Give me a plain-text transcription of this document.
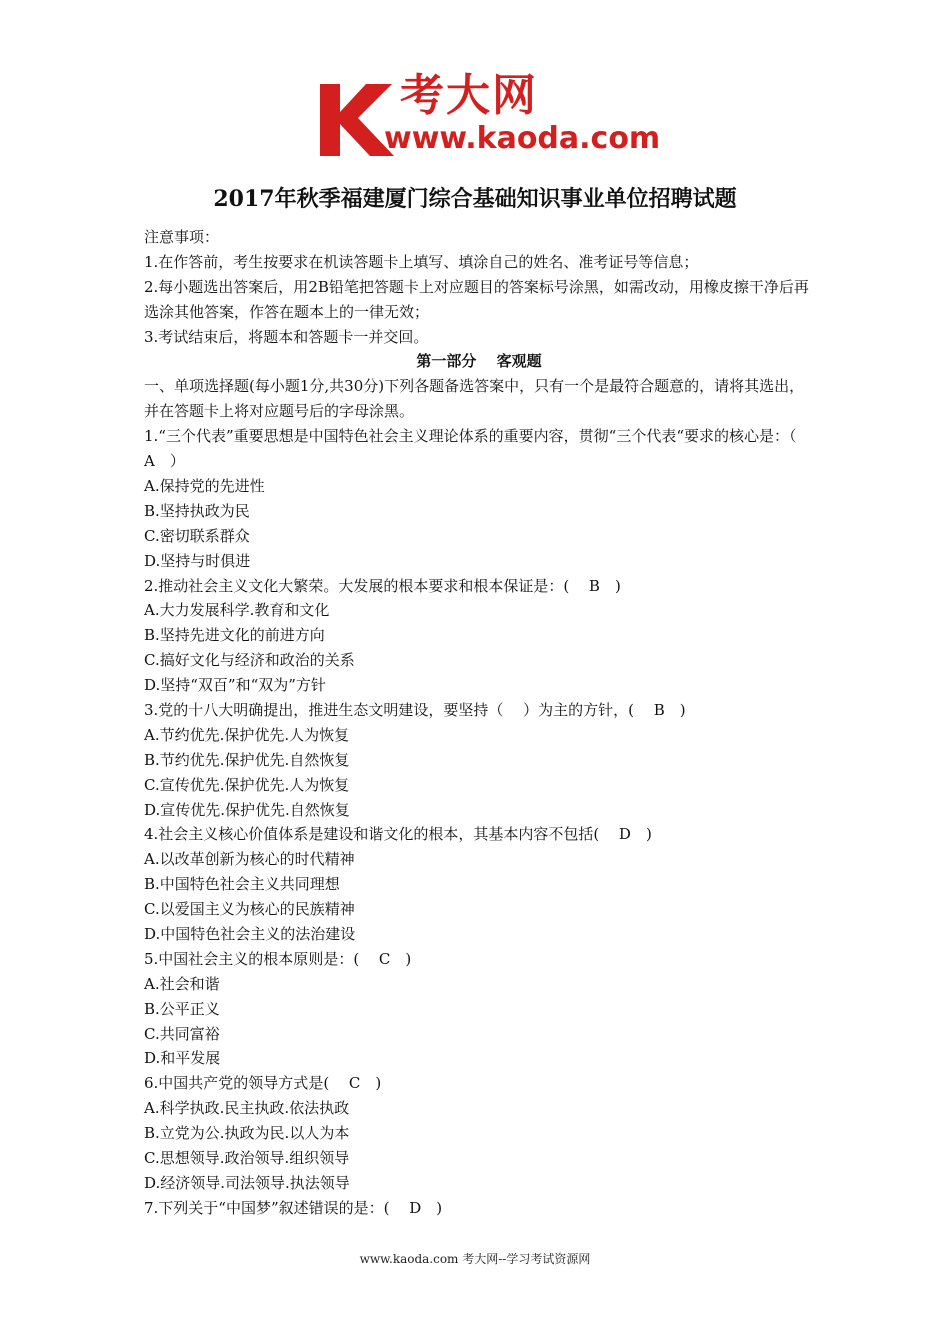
考大网
www.kaoda.com
2017年秋季福建厦门综合基础知识事业单位招聘试题
注意事项：
1.在作答前，考生按要求在机读答题卡上填写、填涂自己的姓名、准考证号等信息；
2.每小题选出答案后，用2B铅笔把答题卡上对应题目的答案标号涂黑，如需改动，用橡皮擦干净后再选涂其他答案，作答在题本上的一律无效；
3.考试结束后，将题本和答题卡一并交回。
第一部分　 客观题
一、单项选择题(每小题1分,共30分)下列各题备选答案中，只有一个是最符合题意的，请将其选出，并在答题卡上将对应题号后的字母涂黑。
1.“三个代表”重要思想是中国特色社会主义理论体系的重要内容，贯彻“三个代表“要求的核心是：（　 A　）
A.保持党的先进性
B.坚持执政为民
C.密切联系群众
D.坚持与时俱进
2.推动社会主义文化大繁荣。大发展的根本要求和根本保证是：(　 B　)
A.大力发展科学.教育和文化
B.坚持先进文化的前进方向
C.搞好文化与经济和政治的关系
D.坚持“双百”和“双为”方针
3.党的十八大明确提出，推进生态文明建设，要坚持（　 ）为主的方针，(　 B　)
A.节约优先.保护优先.人为恢复
B.节约优先.保护优先.自然恢复
C.宣传优先.保护优先.人为恢复
D.宣传优先.保护优先.自然恢复
4.社会主义核心价值体系是建设和谐文化的根本，其基本内容不包括(　 D　)
A.以改革创新为核心的时代精神
B.中国特色社会主义共同理想
C.以爱国主义为核心的民族精神
D.中国特色社会主义的法治建设
5.中国社会主义的根本原则是：(　 C　)
A.社会和谐
B.公平正义
C.共同富裕
D.和平发展
6.中国共产党的领导方式是(　 C　)
A.科学执政.民主执政.依法执政
B.立党为公.执政为民.以人为本
C.思想领导.政治领导.组织领导
D.经济领导.司法领导.执法领导
7.下列关于“中国梦”叙述错误的是：(　 D　)
www.kaoda.com 考大网--学习考试资源网
